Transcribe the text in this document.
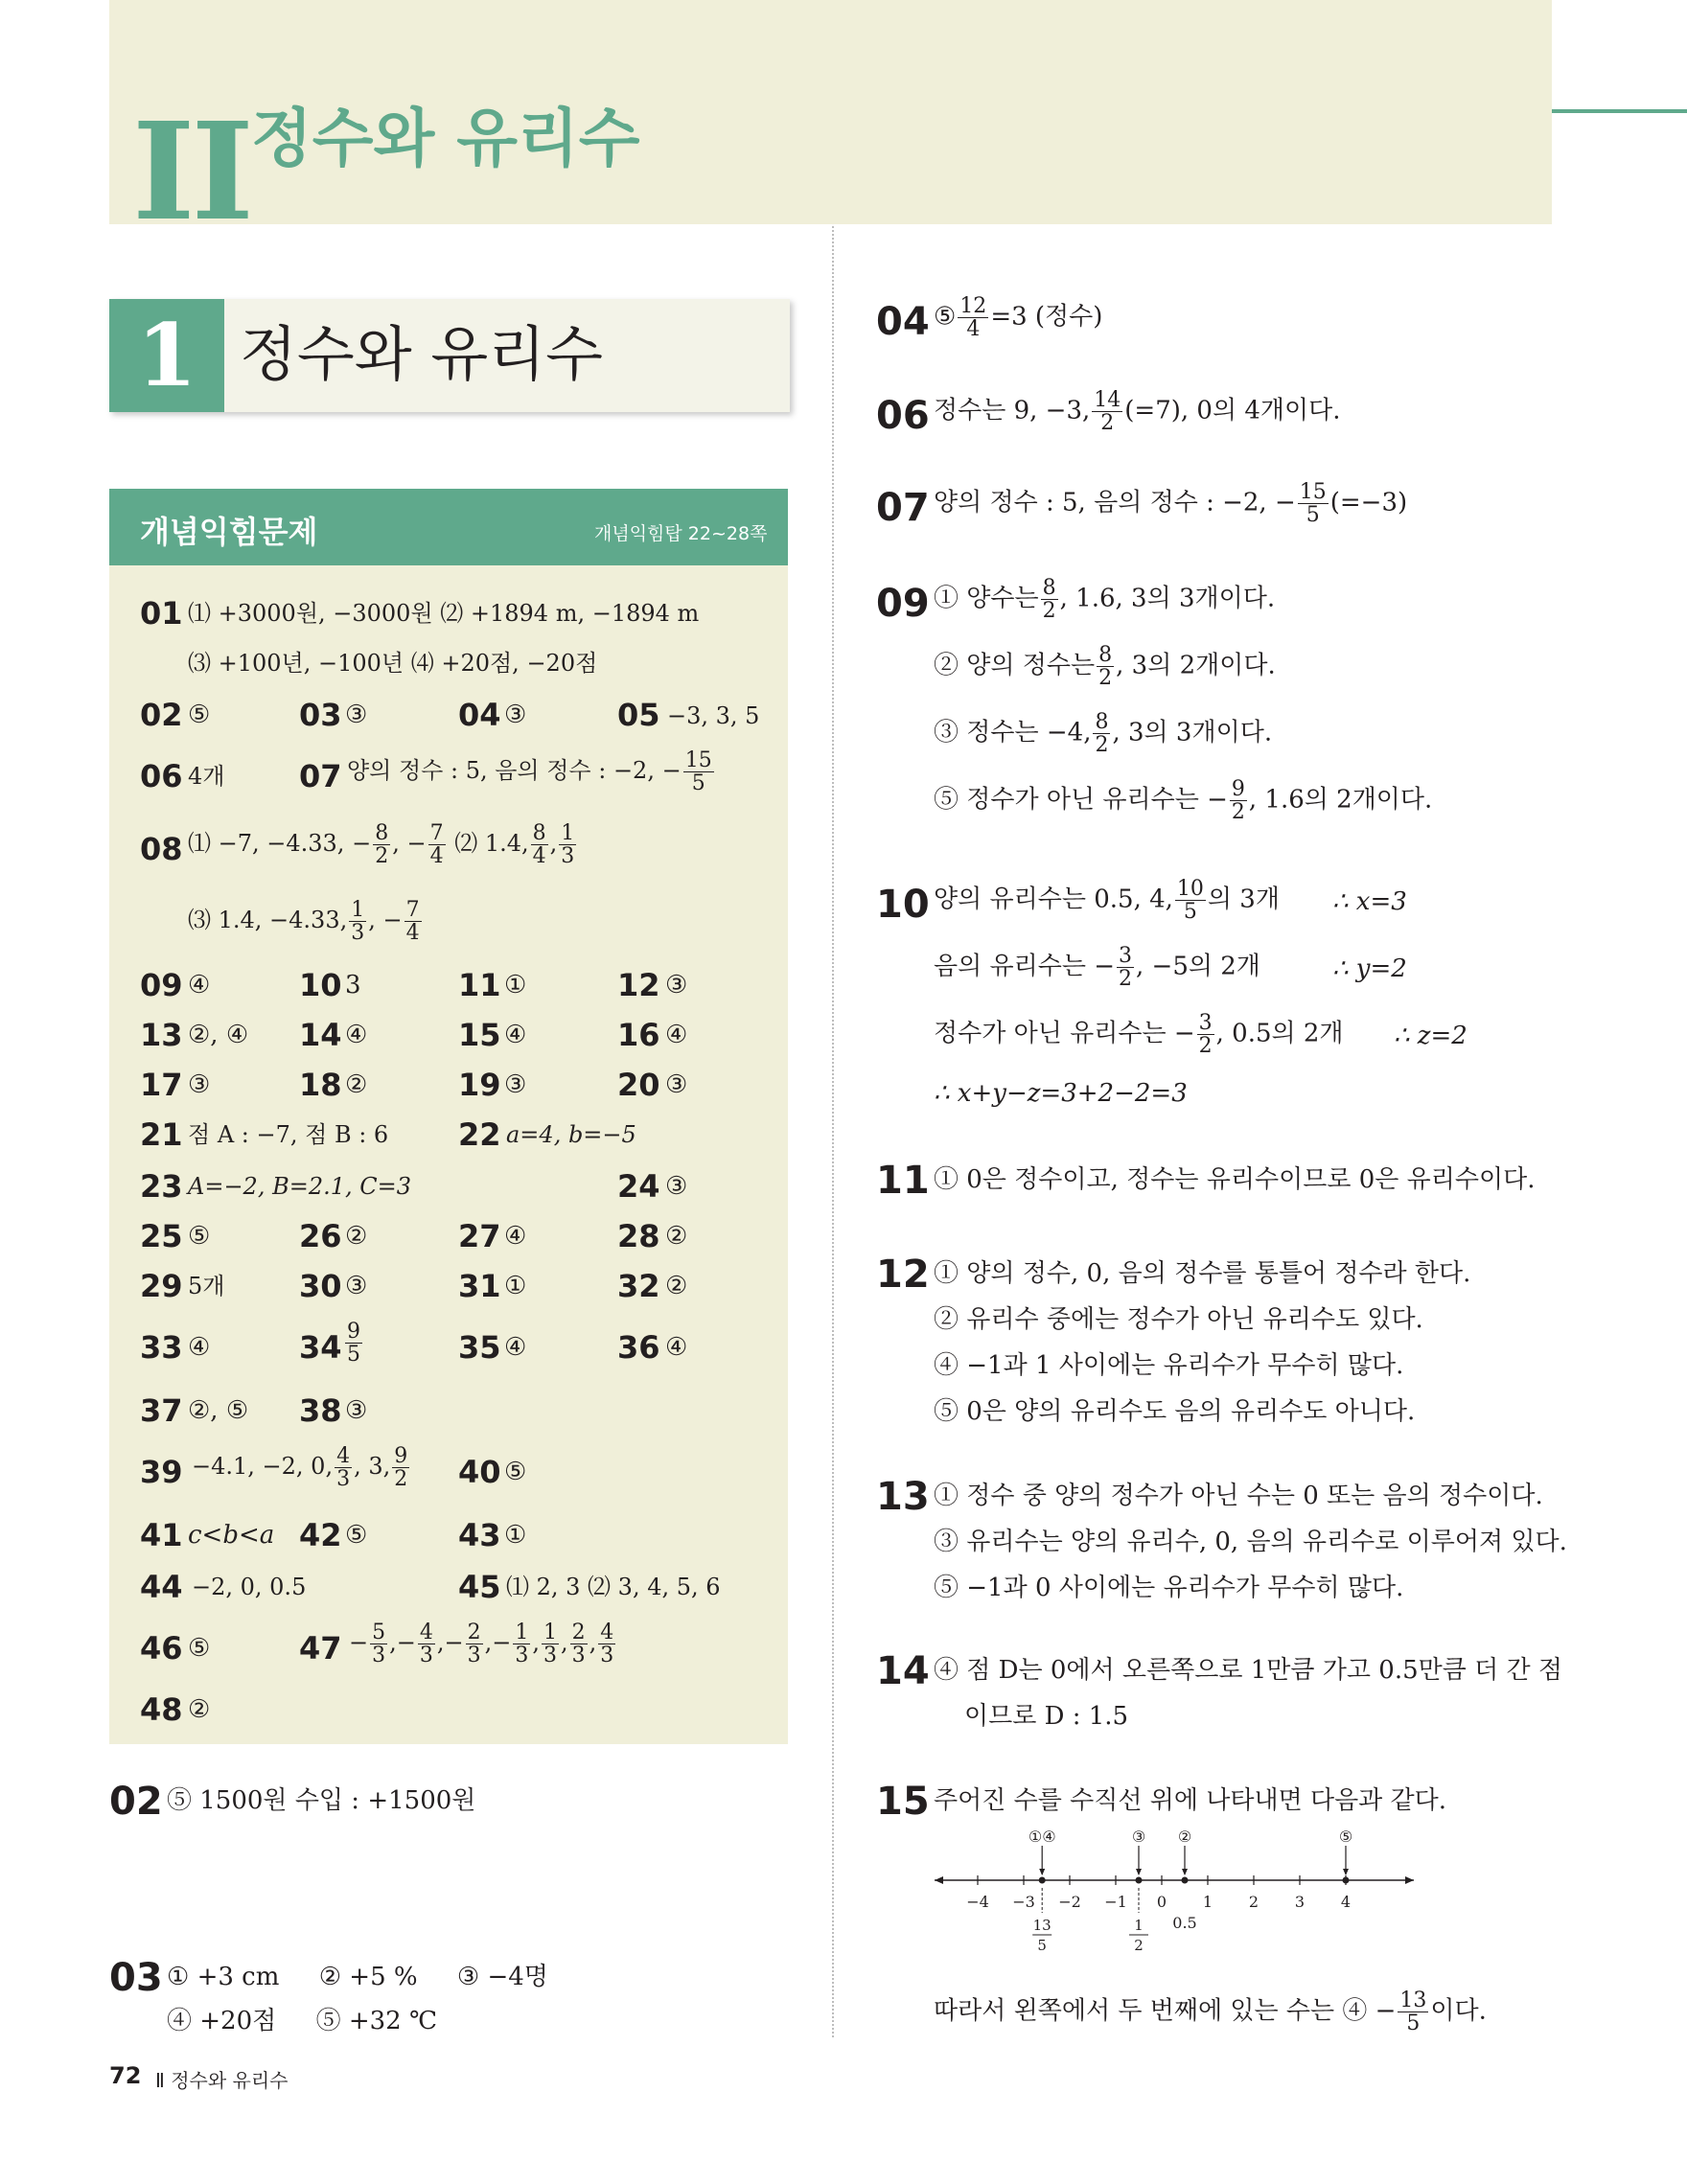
II 정수와 유리수
1 정수와 유리수
개념익힘문제	개념익힘탑 22~28쪽
01 ⑴ +3000원, −3000원 ⑵ +1894 m, −1894 m
⑶ +100년, −100년 ⑷ +20점, −20점
02 ⑤	03 ③	04 ③	05 −3, 3, 5
06 4개 07 양의 정수 : 5, 음의 정수 : −2, − $\frac{15}{5}$
08 ⑴ −7, −4.33, − $\frac{8}{2}$ , − $\frac{7}{4}$ ⑵ 1.4, $\frac{8}{4}$ , $\frac{1}{3}$
⑶ 1.4, −4.33, $\frac{1}{3}$ , − $\frac{7}{4}$
09 ④	10 3	11 ①	12 ③
13 ②, ④ 14 ④	15 ④	16 ④
17 ③	18 ②	19 ③	20 ③
21 점 A : −7, 점 B : 6 22 a=4, b=−5
23 A=−2, B=2.1, C=3	24 ③
25 ⑤	26 ②	27 ④	28 ②
29 5개 30 ③	31 ①	32 ②
33 ④	$34 \frac{9}{5}$	35 ④	36 ④
37 ②, ⑤ 38 ③
39 −4.1, −2, 0, $\frac{4}{3}$ , 3, $\frac{9}{2} 40$ ⑤
41 c<b<a 42 ⑤	43 ①
44 −2, 0, 0.5	45 ⑴ 2, 3 ⑵ 3, 4, 5, 6
46 ⑤	$47 - \frac{5}{3}$ ,− $\frac{4}{3}$ ,− $\frac{2}{3}$ ,− $\frac{1}{3}$ , $\frac{1}{3}$ , $\frac{2}{3}$ , $\frac{4}{3}$
48 ②
02 ⑤ 1500원 수입 : +1500원
03 ① +3 cm     ② +5 %     ③ −4명
④ +20점     ⑤ +32 ℃
04 ⑤ $\frac{12}{4} =3$ (정수)
06 정수는 9, −3, $\frac{14}{2} (=7)$, 0의 4개이다.
07 양의 정수 : 5, 음의 정수 : −2, − $\frac{15}{5} (=-3)$
09 ① 양수는 $\frac{8}{2}$ , 1.6, 3의 3개이다.
② 양의 정수는 $\frac{8}{2}$ , 3의 2개이다.
③ 정수는 −4, $\frac{8}{2}$ , 3의 3개이다.
⑤ 정수가 아닌 유리수는 − $\frac{9}{2}$ , 1.6의 2개이다.
10 양의 유리수는 0.5, 4, $\frac{10}{5}$ 의 3개 ∴ x=3
음의 유리수는 − $\frac{3}{2}$ , −5의 2개	∴ y=2
정수가 아닌 유리수는 − $\frac{3}{2}$ , 0.5의 2개 ∴ z=2
∴ x+y−z=3+2−2=3
11 ① 0은 정수이고, 정수는 유리수이므로 0은 유리수이다.
12 ① 양의 정수, 0, 음의 정수를 통틀어 정수라 한다.
② 유리수 중에는 정수가 아닌 유리수도 있다.
④ −1과 1 사이에는 유리수가 무수히 많다.
⑤ 0은 양의 유리수도 음의 유리수도 아니다.
13 ① 정수 중 양의 정수가 아닌 수는 0 또는 음의 정수이다.
③ 유리수는 양의 유리수, 0, 음의 유리수로 이루어져 있다.
⑤ −1과 0 사이에는 유리수가 무수히 많다.
14 ④ 점 D는 0에서 오른쪽으로 1만큼 가고 0.5만큼 더 간 점
이므로 D : 1.5
15 주어진 수를 수직선 위에 나타내면 다음과 같다.
−4 −3 −2 −1 0 1 2 3 4
①④	③ ②	⑤
13
5
1
2
0.5
따라서 왼쪽에서 두 번째에 있는 수는 ④ − $\frac{13}{5}$ 이다.
72 Ⅱ 정수와 유리수
